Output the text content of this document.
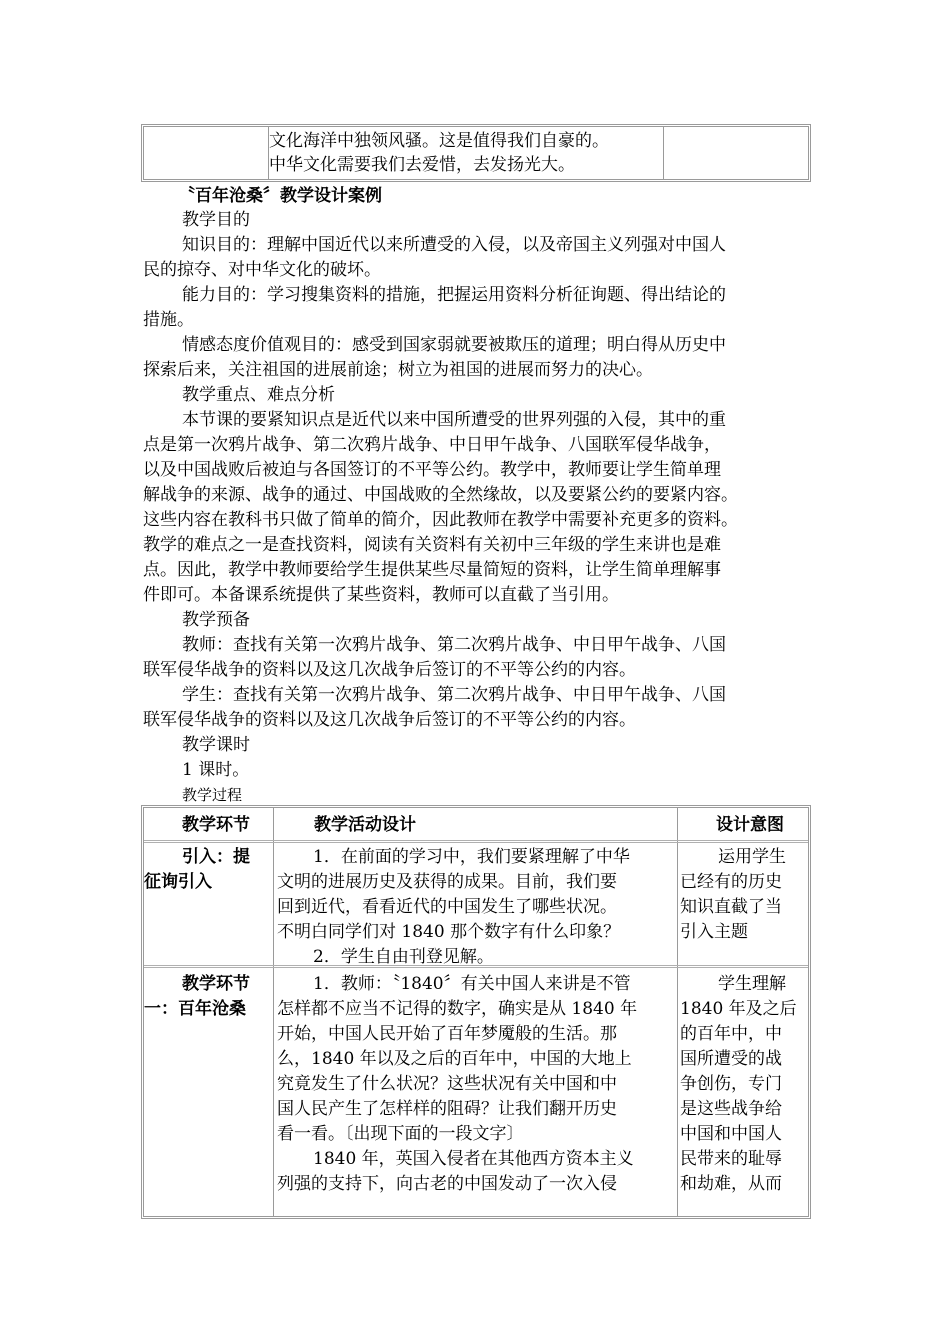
文化海洋中独领风骚。这是值得我们自豪的。
中华文化需要我们去爱惜，去发扬光大。
〝百年沧桑〞教学设计案例
教学目的
知识目的：理解中国近代以来所遭受的入侵，以及帝国主义列强对中国人
民的掠夺、对中华文化的破坏。
能力目的：学习搜集资料的措施，把握运用资料分析征询题、得出结论的
措施。
情感态度价值观目的：感受到国家弱就要被欺压的道理；明白得从历史中
探索后来，关注祖国的进展前途；树立为祖国的进展而努力的决心。
教学重点、难点分析
本节课的要紧知识点是近代以来中国所遭受的世界列强的入侵，其中的重
点是第一次鸦片战争、第二次鸦片战争、中日甲午战争、八国联军侵华战争，
以及中国战败后被迫与各国签订的不平等公约。教学中，教师要让学生简单理
解战争的来源、战争的通过、中国战败的全然缘故，以及要紧公约的要紧内容。
这些内容在教科书只做了简单的简介，因此教师在教学中需要补充更多的资料。
教学的难点之一是查找资料，阅读有关资料有关初中三年级的学生来讲也是难
点。因此，教学中教师要给学生提供某些尽量简短的资料，让学生简单理解事
件即可。本备课系统提供了某些资料，教师可以直截了当引用。
教学预备
教师：查找有关第一次鸦片战争、第二次鸦片战争、中日甲午战争、八国
联军侵华战争的资料以及这几次战争后签订的不平等公约的内容。
学生：查找有关第一次鸦片战争、第二次鸦片战争、中日甲午战争、八国
联军侵华战争的资料以及这几次战争后签订的不平等公约的内容。
教学课时
1 课时。
教学过程
教学环节	教学活动设计	设计意图
引入：提
征询引入
1．在前面的学习中，我们要紧理解了中华
文明的进展历史及获得的成果。目前，我们要
回到近代，看看近代的中国发生了哪些状况。
不明白同学们对 1840 那个数字有什么印象？
2．学生自由刊登见解。
运用学生
已经有的历史
知识直截了当
引入主题
教学环节
一：百年沧桑
1．教师：〝1840〞有关中国人来讲是不管
怎样都不应当不记得的数字，确实是从 1840 年
开始，中国人民开始了百年梦魇般的生活。那
么，1840 年以及之后的百年中，中国的大地上
究竟发生了什么状况？这些状况有关中国和中
国人民产生了怎样样的阻碍？让我们翻开历史
看一看。〔出现下面的一段文字〕
1840 年，英国入侵者在其他西方资本主义
列强的支持下，向古老的中国发动了一次入侵
学生理解
1840 年及之后
的百年中，中
国所遭受的战
争创伤，专门
是这些战争给
中国和中国人
民带来的耻辱
和劫难，从而
